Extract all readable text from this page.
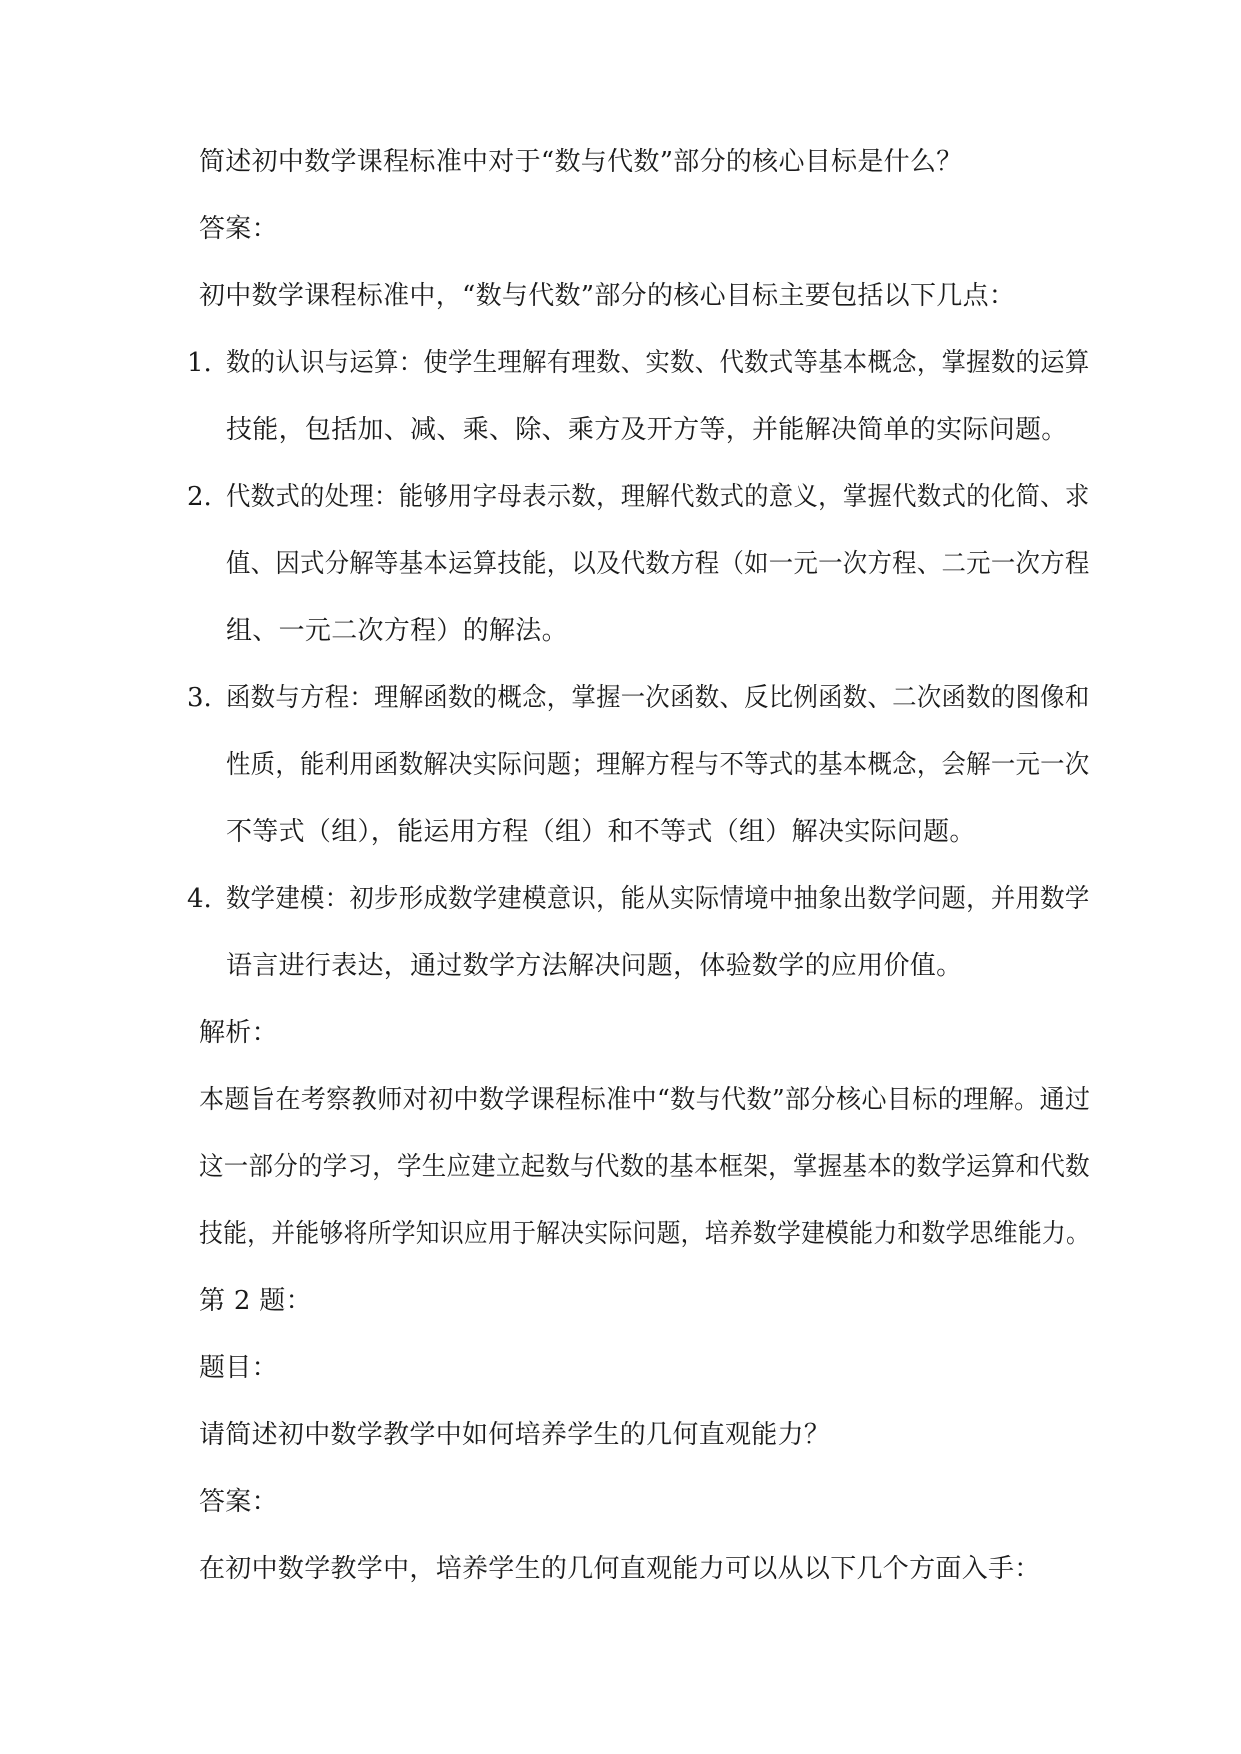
简述初中数学课程标准中对于“数与代数”部分的核心目标是什么？
答案：
初中数学课程标准中，“数与代数”部分的核心目标主要包括以下几点：
1. 数的认识与运算：使学生理解有理数、实数、代数式等基本概念，掌握数的运算
技能，包括加、减、乘、除、乘方及开方等，并能解决简单的实际问题。
2. 代数式的处理：能够用字母表示数，理解代数式的意义，掌握代数式的化简、求
值、因式分解等基本运算技能，以及代数方程（如一元一次方程、二元一次方程
组、一元二次方程）的解法。
3. 函数与方程：理解函数的概念，掌握一次函数、反比例函数、二次函数的图像和
性质，能利用函数解决实际问题；理解方程与不等式的基本概念，会解一元一次
不等式（组），能运用方程（组）和不等式（组）解决实际问题。
4. 数学建模：初步形成数学建模意识，能从实际情境中抽象出数学问题，并用数学
语言进行表达，通过数学方法解决问题，体验数学的应用价值。
解析：
本题旨在考察教师对初中数学课程标准中“数与代数”部分核心目标的理解。通过
这一部分的学习，学生应建立起数与代数的基本框架，掌握基本的数学运算和代数
技能，并能够将所学知识应用于解决实际问题，培养数学建模能力和数学思维能力。
第 2 题：
题目：
请简述初中数学教学中如何培养学生的几何直观能力？
答案：
在初中数学教学中，培养学生的几何直观能力可以从以下几个方面入手：
